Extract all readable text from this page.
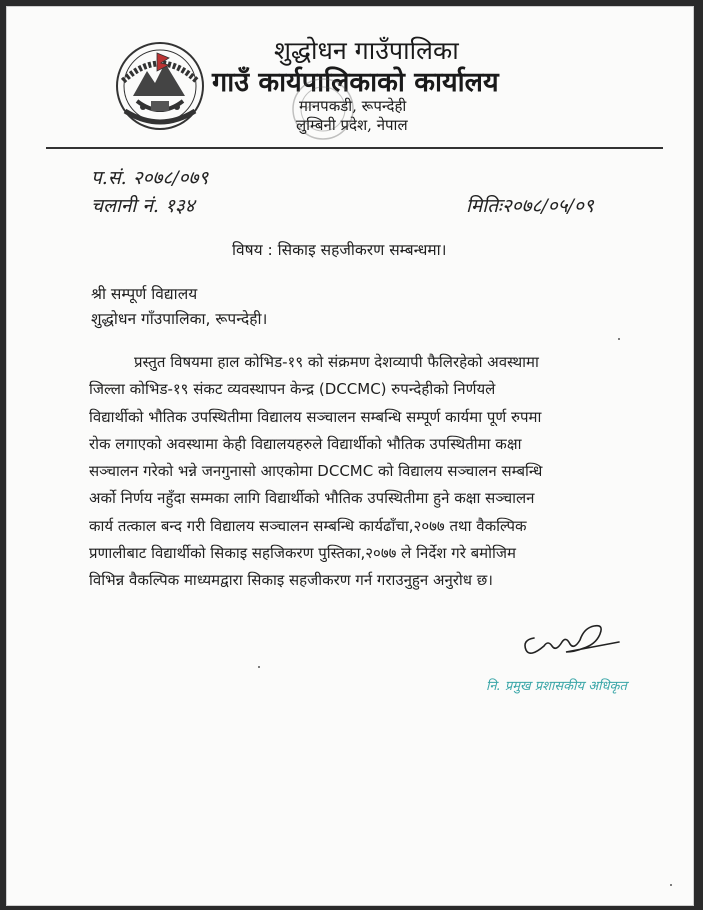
शुद्धोधन गाउँपालिका
गाउँ कार्यपालिकाको कार्यालय
मानपकडी, रूपन्देही
लुम्बिनी प्रदेश, नेपाल
प.सं. २०७८/०७९
चलानी नं. १३४	मितिः२०७८/०५/०९
विषय : सिकाइ सहजीकरण सम्बन्धमा।
श्री सम्पूर्ण विद्यालय
शुद्धोधन गाँउपालिका, रूपन्देही।
प्रस्तुत विषयमा हाल कोभिड-१९ को संक्रमण देशव्यापी फैलिरहेको अवस्थामा
जिल्ला कोभिड-१९ संकट व्यवस्थापन केन्द्र (DCCMC) रुपन्देहीको निर्णयले
विद्यार्थीको भौतिक उपस्थितीमा विद्यालय सञ्चालन सम्बन्धि सम्पूर्ण कार्यमा पूर्ण रुपमा
रोक लगाएको अवस्थामा केही विद्यालयहरुले विद्यार्थीको भौतिक उपस्थितीमा कक्षा
सञ्चालन गरेको भन्ने जनगुनासो आएकोमा DCCMC को विद्यालय सञ्चालन सम्बन्धि
अर्को निर्णय नहुँदा सम्मका लागि विद्यार्थीको भौतिक उपस्थितीमा हुने कक्षा सञ्चालन
कार्य तत्काल बन्द गरी विद्यालय सञ्चालन सम्बन्धि कार्यढाँचा,२०७७ तथा वैकल्पिक
प्रणालीबाट विद्यार्थीको सिकाइ सहजिकरण पुस्तिका,२०७७ ले निर्देश गरे बमोजिम
विभिन्न वैकल्पिक माध्यमद्वारा सिकाइ सहजीकरण गर्न गराउनुहुन अनुरोध छ।
नि. प्रमुख प्रशासकीय अधिकृत
